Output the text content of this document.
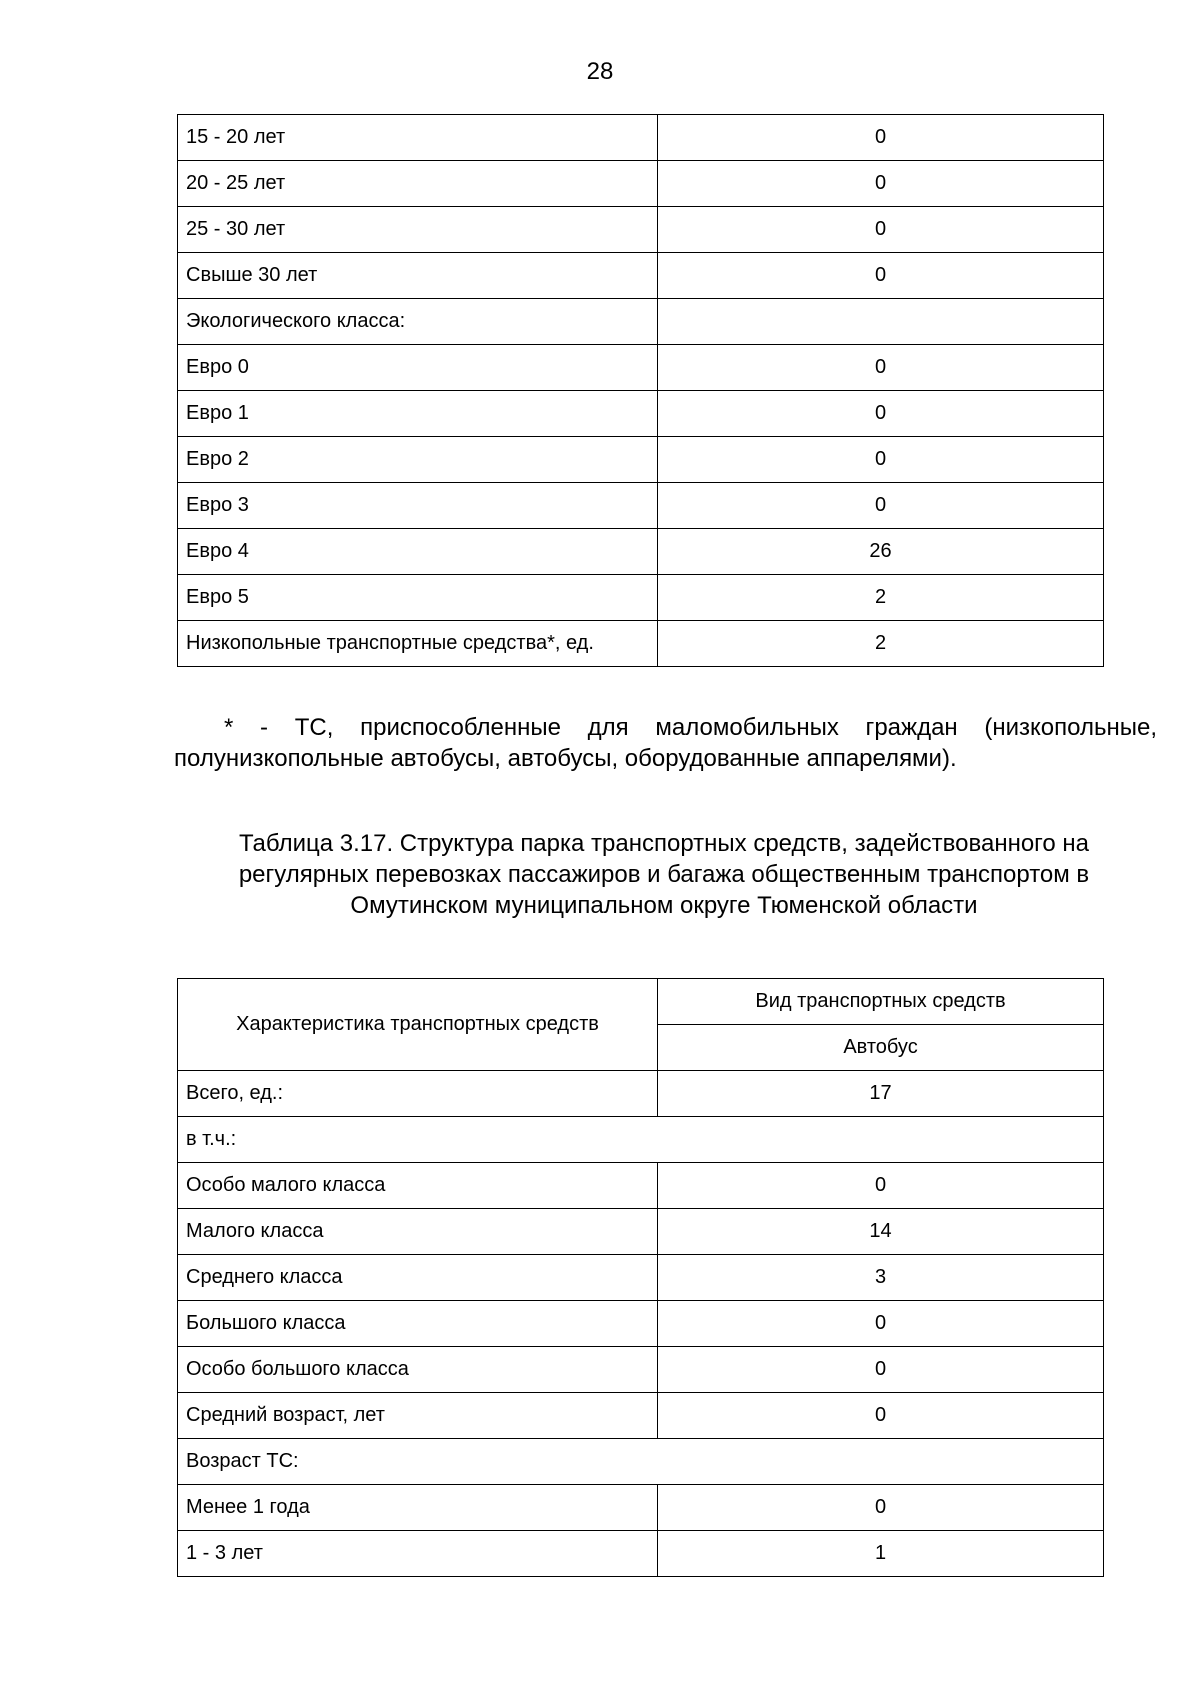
28
15 - 20 лет	0
20 - 25 лет	0
25 - 30 лет	0
Свыше 30 лет	0
Экологического класса:	
Евро 0	0
Евро 1	0
Евро 2	0
Евро 3	0
Евро 4	26
Евро 5	2
Низкопольные транспортные средства*, ед.	2
* - ТС, приспособленные для маломобильных граждан (низкопольные, полунизкопольные автобусы, автобусы, оборудованные аппарелями).
Таблица 3.17. Структура парка транспортных средств, задействованного на регулярных перевозках пассажиров и багажа общественным транспортом в Омутинском муниципальном округе Тюменской области
Характеристика транспортных средств	Вид транспортных средств
	Автобус
Всего, ед.:	17
в т.ч.:	
Особо малого класса	0
Малого класса	14
Среднего класса	3
Большого класса	0
Особо большого класса	0
Средний возраст, лет	0
Возраст ТС:	
Менее 1 года	0
1 - 3 лет	1
